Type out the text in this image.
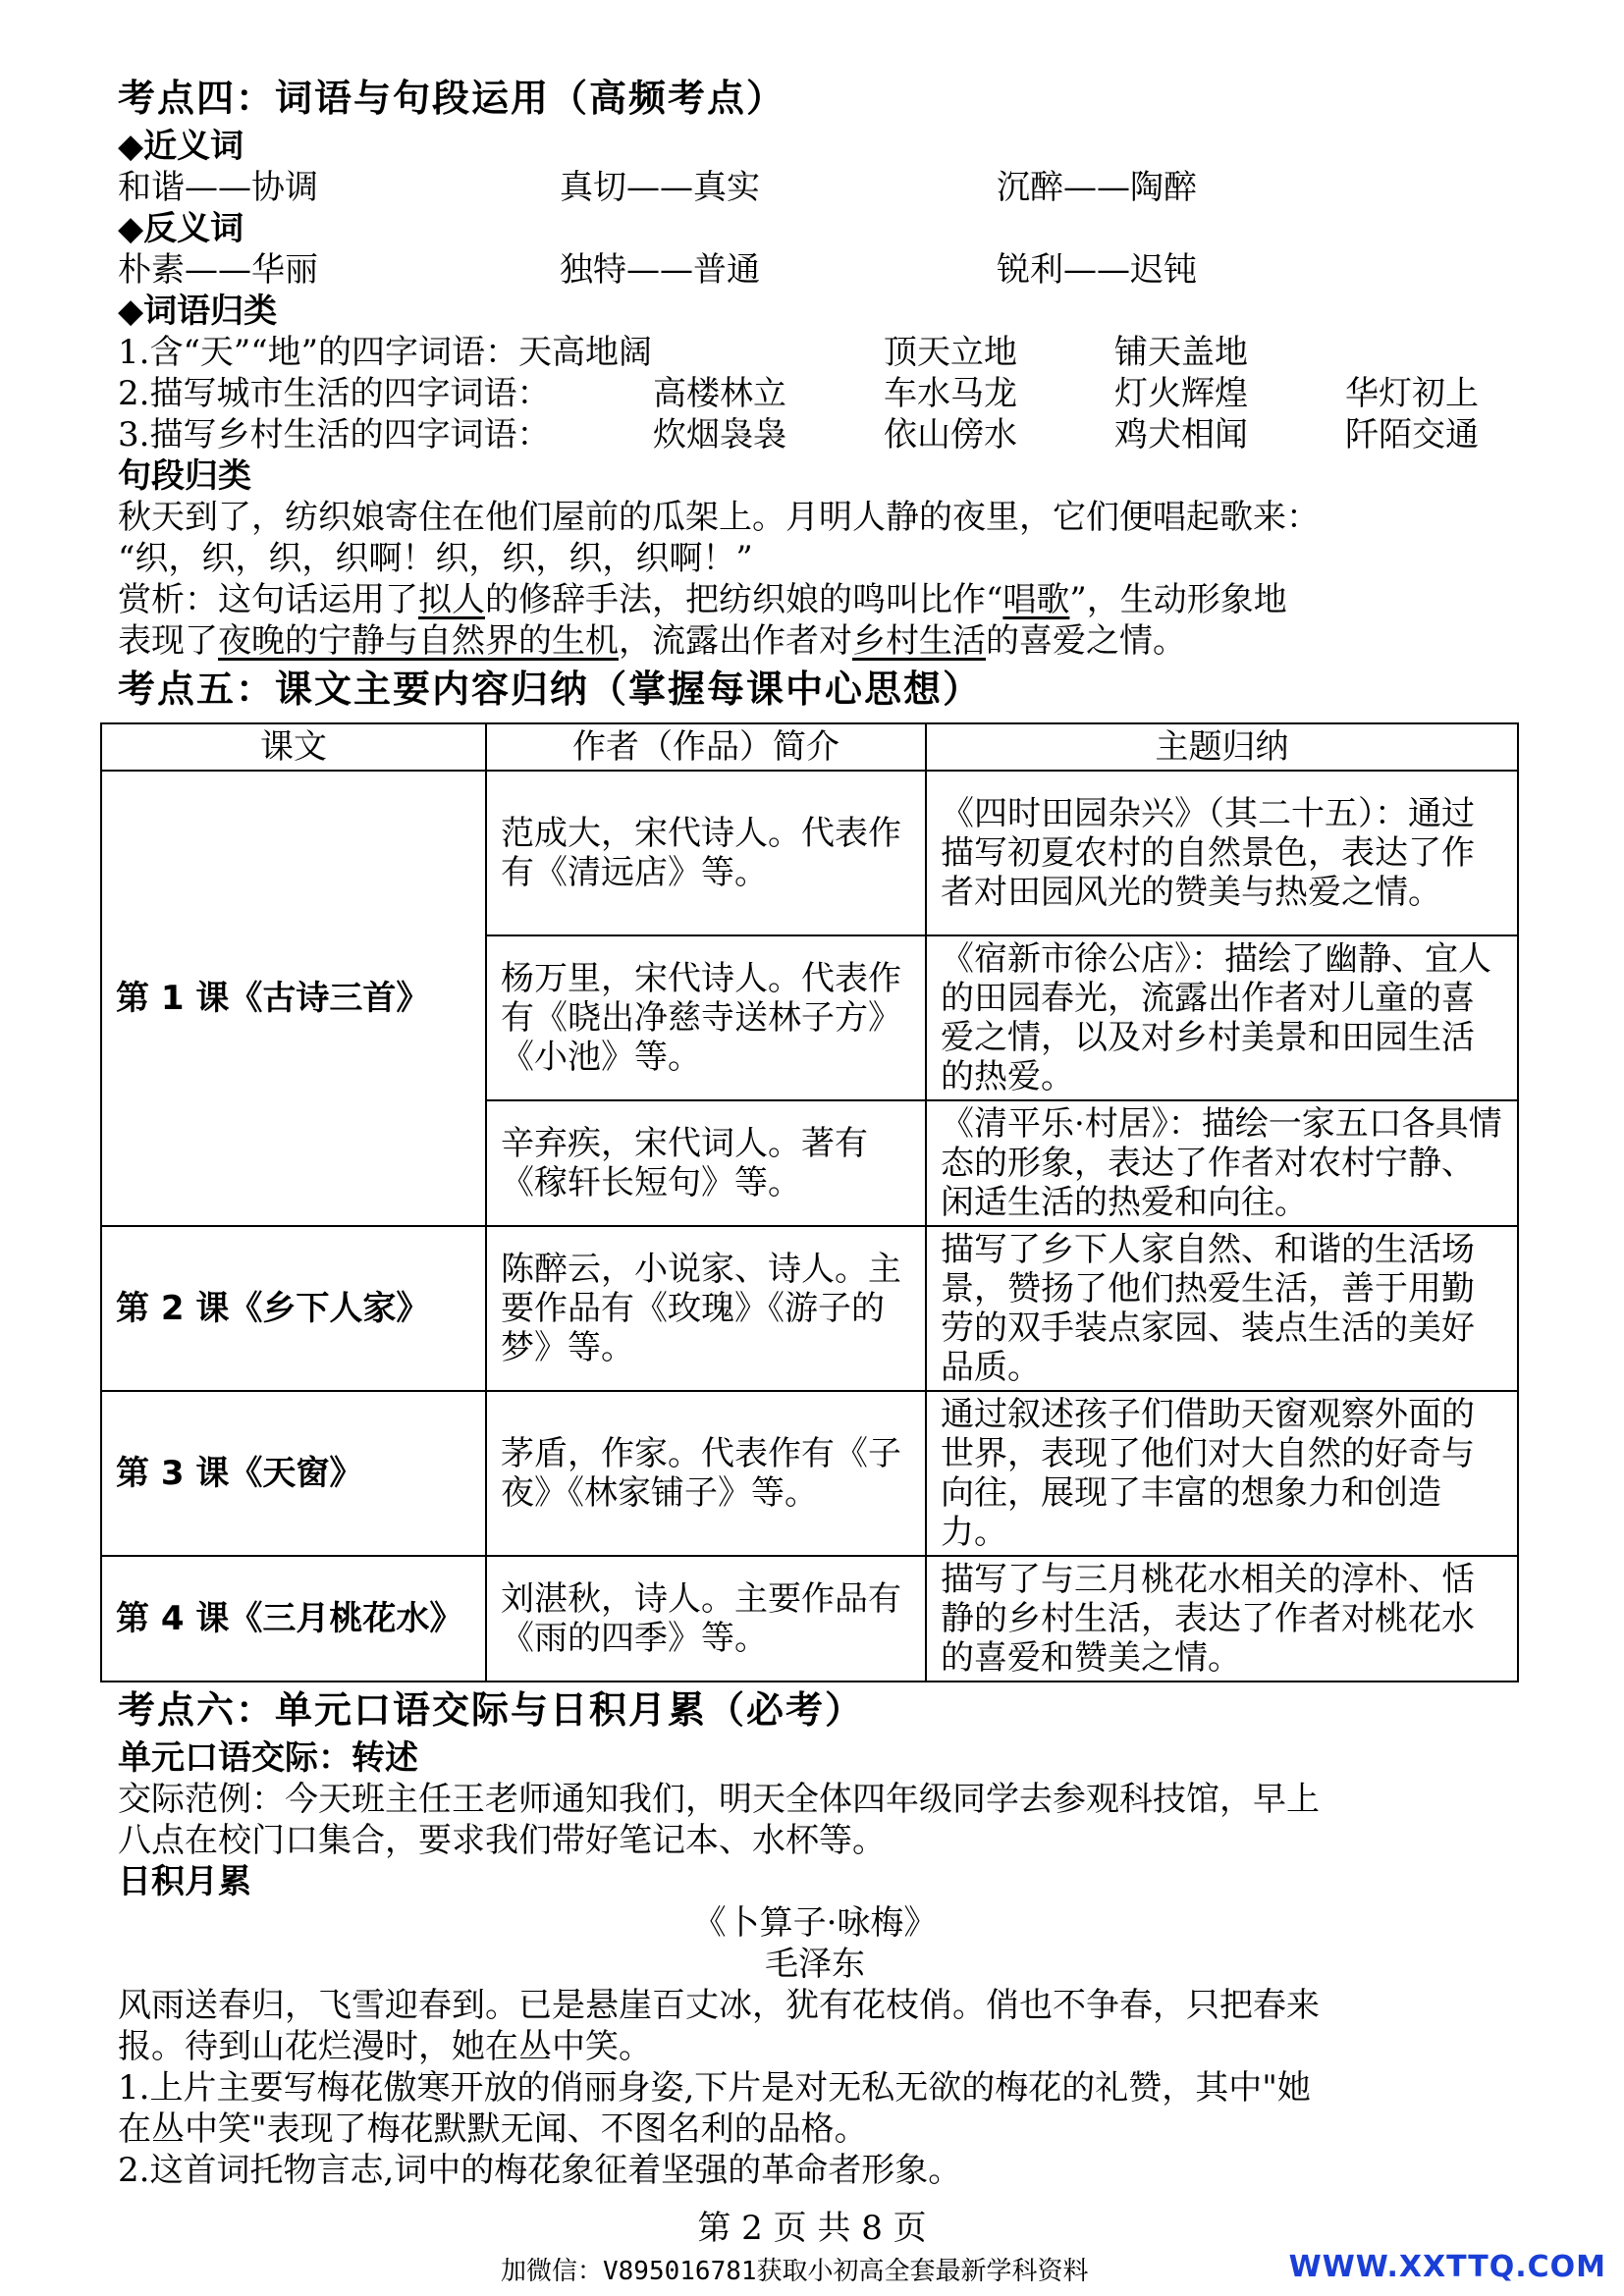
考点四：词语与句段运用（高频考点）
◆近义词
和谐——协调	真切——真实	沉醉——陶醉
◆反义词
朴素——华丽	独特——普通	锐利——迟钝
◆词语归类
1.含“天”“地”的四字词语：天高地阔	顶天立地	铺天盖地
2.描写城市生活的四字词语：	高楼林立	车水马龙	灯火辉煌	华灯初上
3.描写乡村生活的四字词语：	炊烟袅袅	依山傍水	鸡犬相闻	阡陌交通
句段归类
秋天到了，纺织娘寄住在他们屋前的瓜架上。月明人静的夜里，它们便唱起歌来：
“织，织，织，织啊！织，织，织，织啊！”
赏析：这句话运用了拟人的修辞手法，把纺织娘的鸣叫比作“唱歌”，生动形象地
表现了夜晚的宁静与自然界的生机，流露出作者对乡村生活的喜爱之情。
考点五：课文主要内容归纳（掌握每课中心思想）
课文	作者（作品）简介	主题归纳
第 1 课《古诗三首》	范成大，宋代诗人。代表作有《清远店》等。	《四时田园杂兴》（其二十五）：通过描写初夏农村的自然景色，表达了作者对田园风光的赞美与热爱之情。
	杨万里，宋代诗人。代表作有《晓出净慈寺送林子方》《小池》等。	《宿新市徐公店》：描绘了幽静、宜人的田园春光，流露出作者对儿童的喜爱之情，以及对乡村美景和田园生活的热爱。
	辛弃疾，宋代词人。著有《稼轩长短句》等。	《清平乐·村居》：描绘一家五口各具情态的形象，表达了作者对农村宁静、闲适生活的热爱和向往。
第 2 课《乡下人家》	陈醉云，小说家、诗人。主要作品有《玫瑰》《游子的梦》等。	描写了乡下人家自然、和谐的生活场景，赞扬了他们热爱生活，善于用勤劳的双手装点家园、装点生活的美好品质。
第 3 课《天窗》	茅盾，作家。代表作有《子夜》《林家铺子》等。	通过叙述孩子们借助天窗观察外面的世界，表现了他们对大自然的好奇与向往，展现了丰富的想象力和创造力。
第 4 课《三月桃花水》	刘湛秋，诗人。主要作品有《雨的四季》等。	描写了与三月桃花水相关的淳朴、恬静的乡村生活，表达了作者对桃花水的喜爱和赞美之情。
考点六：单元口语交际与日积月累（必考）
单元口语交际：转述
交际范例：今天班主任王老师通知我们，明天全体四年级同学去参观科技馆，早上
八点在校门口集合，要求我们带好笔记本、水杯等。
日积月累
《卜算子·咏梅》
毛泽东
风雨送春归，飞雪迎春到。已是悬崖百丈冰，犹有花枝俏。俏也不争春，只把春来
报。待到山花烂漫时，她在丛中笑。
1.上片主要写梅花傲寒开放的俏丽身姿,下片是对无私无欲的梅花的礼赞，其中"她
在丛中笑"表现了梅花默默无闻、不图名利的品格。
2.这首词托物言志,词中的梅花象征着坚强的革命者形象。
第 2 页 共 8 页
加微信：V895016781获取小初高全套最新学科资料	WWW.XXTTQ.COM
